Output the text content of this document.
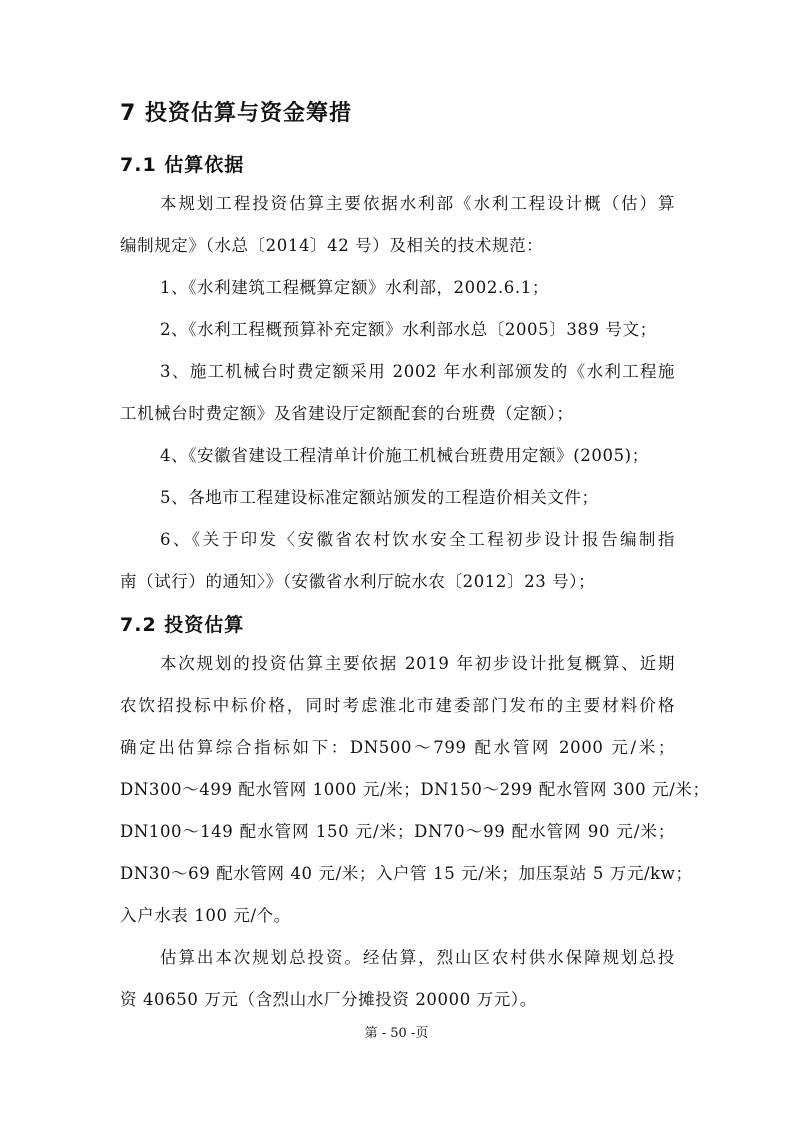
7 投资估算与资金筹措
7.1 估算依据
本规划工程投资估算主要依据水利部《水利工程设计概（估）算
编制规定》（水总〔2014〕42 号）及相关的技术规范：
1、《水利建筑工程概算定额》水利部，2002.6.1；
2、《水利工程概预算补充定额》水利部水总〔2005〕389 号文；
3、施工机械台时费定额采用 2002 年水利部颁发的《水利工程施
工机械台时费定额》及省建设厅定额配套的台班费（定额）；
4、《安徽省建设工程清单计价施工机械台班费用定额》(2005)；
5、各地市工程建设标准定额站颁发的工程造价相关文件；
6、《关于印发〈安徽省农村饮水安全工程初步设计报告编制指
南（试行）的通知〉》（安徽省水利厅皖水农〔2012〕23 号）；
7.2 投资估算
本次规划的投资估算主要依据 2019 年初步设计批复概算、近期
农饮招投标中标价格，同时考虑淮北市建委部门发布的主要材料价格
确定出估算综合指标如下：DN500～799 配水管网 2000 元/米；
DN300～499 配水管网 1000 元/米；DN150～299 配水管网 300 元/米；
DN100～149 配水管网 150 元/米；DN70～99 配水管网 90 元/米；
DN30～69 配水管网 40 元/米；入户管 15 元/米；加压泵站 5 万元/kw；
入户水表 100 元/个。
估算出本次规划总投资。经估算，烈山区农村供水保障规划总投
资 40650 万元（含烈山水厂分摊投资 20000 万元）。
第 - 50 -页
